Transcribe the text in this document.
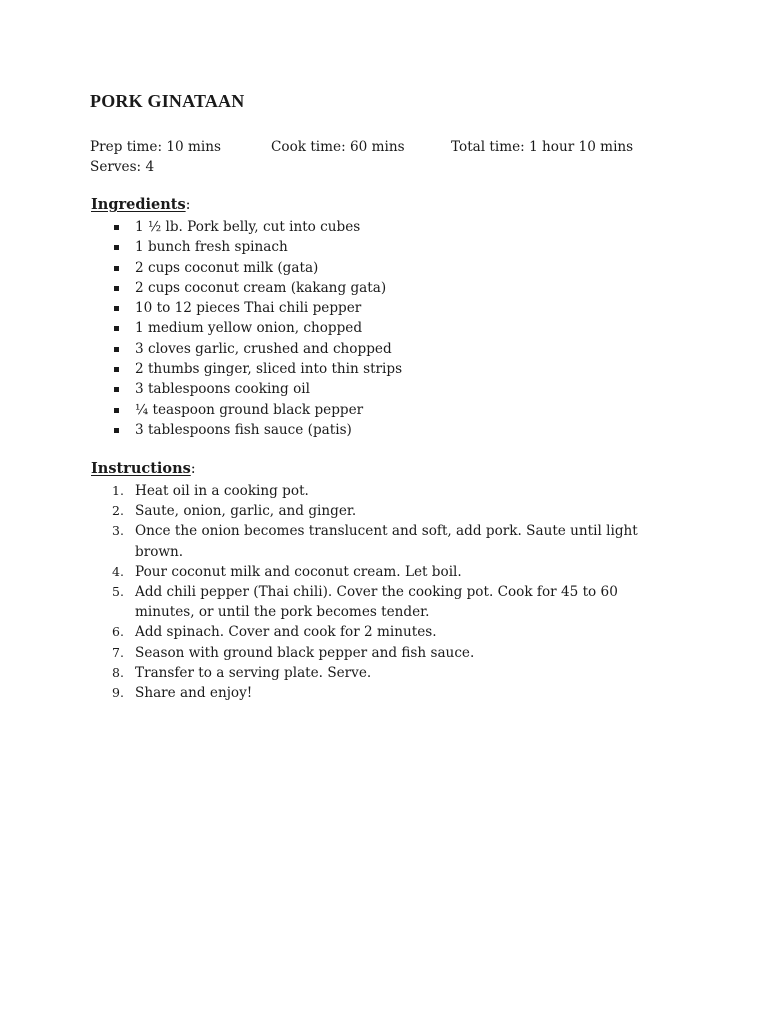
PORK GINATAAN
Prep time: 10 mins	Cook time: 60 mins	Total time: 1 hour 10 mins
Serves: 4
Ingredients:
1 ½ lb. Pork belly, cut into cubes
1 bunch fresh spinach
2 cups coconut milk (gata)
2 cups coconut cream (kakang gata)
10 to 12 pieces Thai chili pepper
1 medium yellow onion, chopped
3 cloves garlic, crushed and chopped
2 thumbs ginger, sliced into thin strips
3 tablespoons cooking oil
¼ teaspoon ground black pepper
3 tablespoons fish sauce (patis)
Instructions:
1. Heat oil in a cooking pot.
2. Saute, onion, garlic, and ginger.
3. Once the onion becomes translucent and soft, add pork. Saute until light brown.
4. Pour coconut milk and coconut cream. Let boil.
5. Add chili pepper (Thai chili). Cover the cooking pot. Cook for 45 to 60 minutes, or until the pork becomes tender.
6. Add spinach. Cover and cook for 2 minutes.
7. Season with ground black pepper and fish sauce.
8. Transfer to a serving plate. Serve.
9. Share and enjoy!
